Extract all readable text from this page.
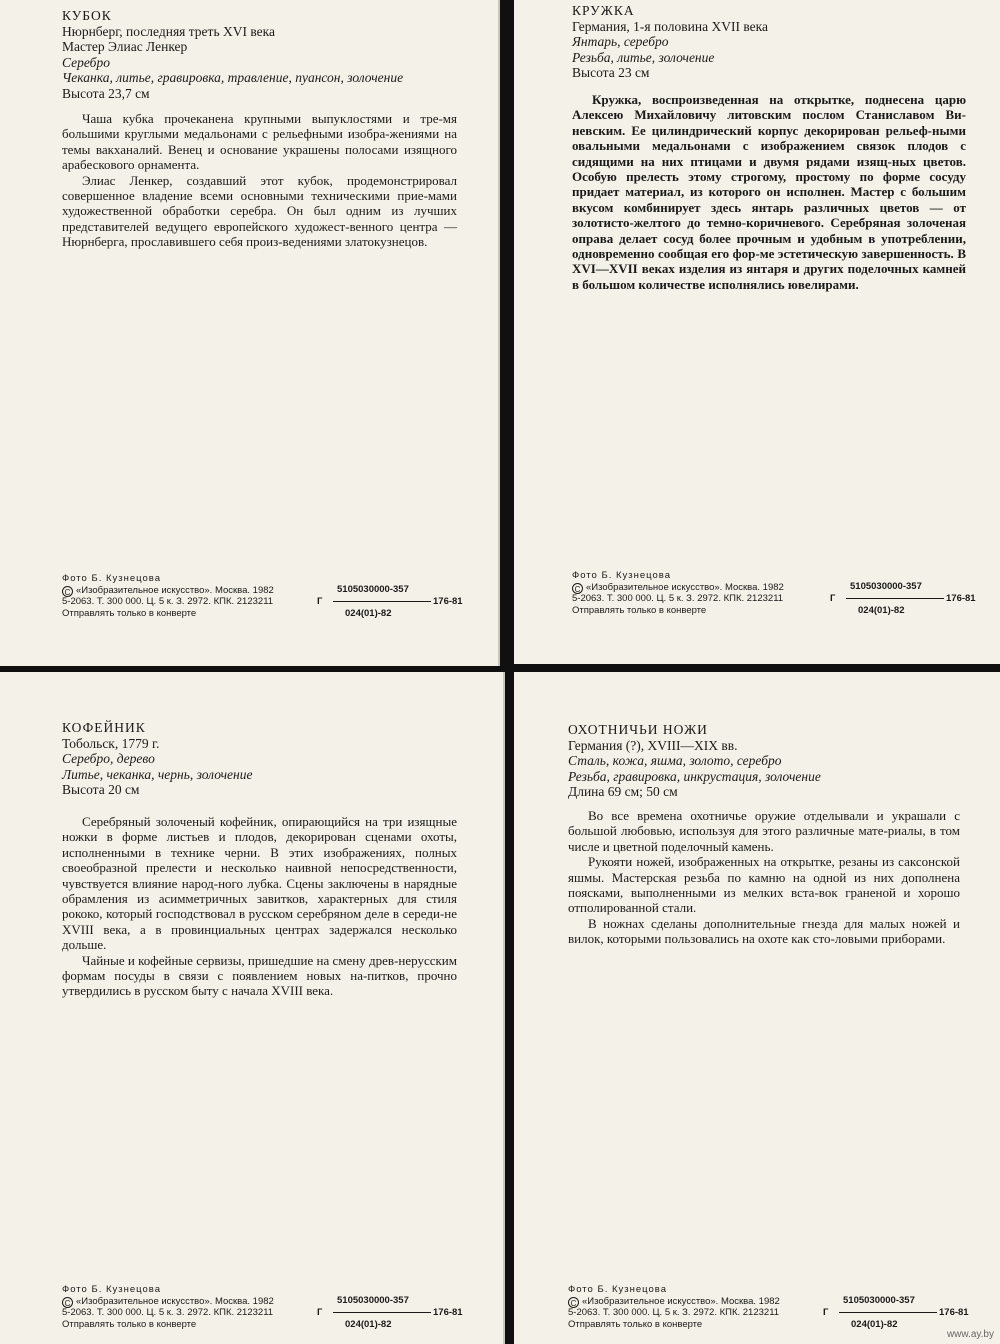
КУБОК
Нюрнберг, последняя треть XVI века
Мастер Элиас Ленкер
Серебро
Чеканка, литье, гравировка, травление, пуансон, золочение
Высота 23,7 см

Чаша кубка прочеканена крупными выпуклостями и тре-мя большими круглыми медальонами с рельефными изобра-жениями на темы вакханалий. Венец и основание украшены полосами изящного арабескового орнамента.

Элиас Ленкер, создавший этот кубок, продемонстрировал совершенное владение всеми основными техническими прие-мами художественной обработки серебра. Он был одним из лучших представителей ведущего европейского художест-венного центра — Нюрнберга, прославившего себя произ-ведениями златокузнецов.

Фото Б. Кузнецова
C «Изобразительное искусство». Москва. 1982
5-2063. Т. 300 000. Ц. 5 к. З. 2972. КПК. 2123211
Отправлять только в конверте
Г
5105030000-357
176-81
024(01)-82
КРУЖКА
Германия, 1-я половина XVII века
Янтарь, серебро
Резьба, литье, золочение
Высота 23 см

Кружка, воспроизведенная на открытке, поднесена царю Алексею Михайловичу литовским послом Станиславом Ви-невским. Ее цилиндрический корпус декорирован рельеф-ными овальными медальонами с изображением связок плодов с сидящими на них птицами и двумя рядами изящ-ных цветов. Особую прелесть этому строгому, простому по форме сосуду придает материал, из которого он исполнен. Мастер с большим вкусом комбинирует здесь янтарь различных цветов — от золотисто-желтого до темно-коричневого. Серебряная золоченая оправа делает сосуд более прочным и удобным в употреблении, одновременно сообщая его фор-ме эстетическую завершенность. В XVI—XVII веках изделия из янтаря и других поделочных камней в большом количестве исполнялись ювелирами.

Фото Б. Кузнецова
C «Изобразительное искусство». Москва. 1982
5-2063. Т. 300 000. Ц. 5 к. З. 2972. КПК. 2123211
Отправлять только в конверте
Г
5105030000-357
176-81
024(01)-82
КОФЕЙНИК
Тобольск, 1779 г.
Серебро, дерево
Литье, чеканка, чернь, золочение
Высота 20 см

Серебряный золоченый кофейник, опирающийся на три изящные ножки в форме листьев и плодов, декорирован сценами охоты, исполненными в технике черни. В этих изображениях, полных своеобразной прелести и несколько наивной непосредственности, чувствуется влияние народ-ного лубка. Сцены заключены в нарядные обрамления из асимметричных завитков, характерных для стиля рококо, который господствовал в русском серебряном деле в середи-не XVIII века, а в провинциальных центрах задержался несколько дольше.

Чайные и кофейные сервизы, пришедшие на смену древ-нерусским формам посуды в связи с появлением новых на-питков, прочно утвердились в русском быту с начала XVIII века.

Фото Б. Кузнецова
C «Изобразительное искусство». Москва. 1982
5-2063. Т. 300 000. Ц. 5 к. З. 2972. КПК. 2123211
Отправлять только в конверте
Г
5105030000-357
176-81
024(01)-82
ОХОТНИЧЬИ НОЖИ
Германия (?), XVIII—XIX вв.
Сталь, кожа, яшма, золото, серебро
Резьба, гравировка, инкрустация, золочение
Длина 69 см; 50 см

Во все времена охотничье оружие отделывали и украшали с большой любовью, используя для этого различные мате-риалы, в том числе и цветной поделочный камень.

Рукояти ножей, изображенных на открытке, резаны из саксонской яшмы. Мастерская резьба по камню на одной из них дополнена поясками, выполненными из мелких вста-вок граненой и хорошо отполированной стали.

В ножнах сделаны дополнительные гнезда для малых ножей и вилок, которыми пользовались на охоте как сто-ловыми приборами.

Фото Б. Кузнецова
C «Изобразительное искусство». Москва. 1982
5-2063. Т. 300 000. Ц. 5 к. З. 2972. КПК. 2123211
Отправлять только в конверте
Г
5105030000-357
176-81
024(01)-82
www.ay.by
